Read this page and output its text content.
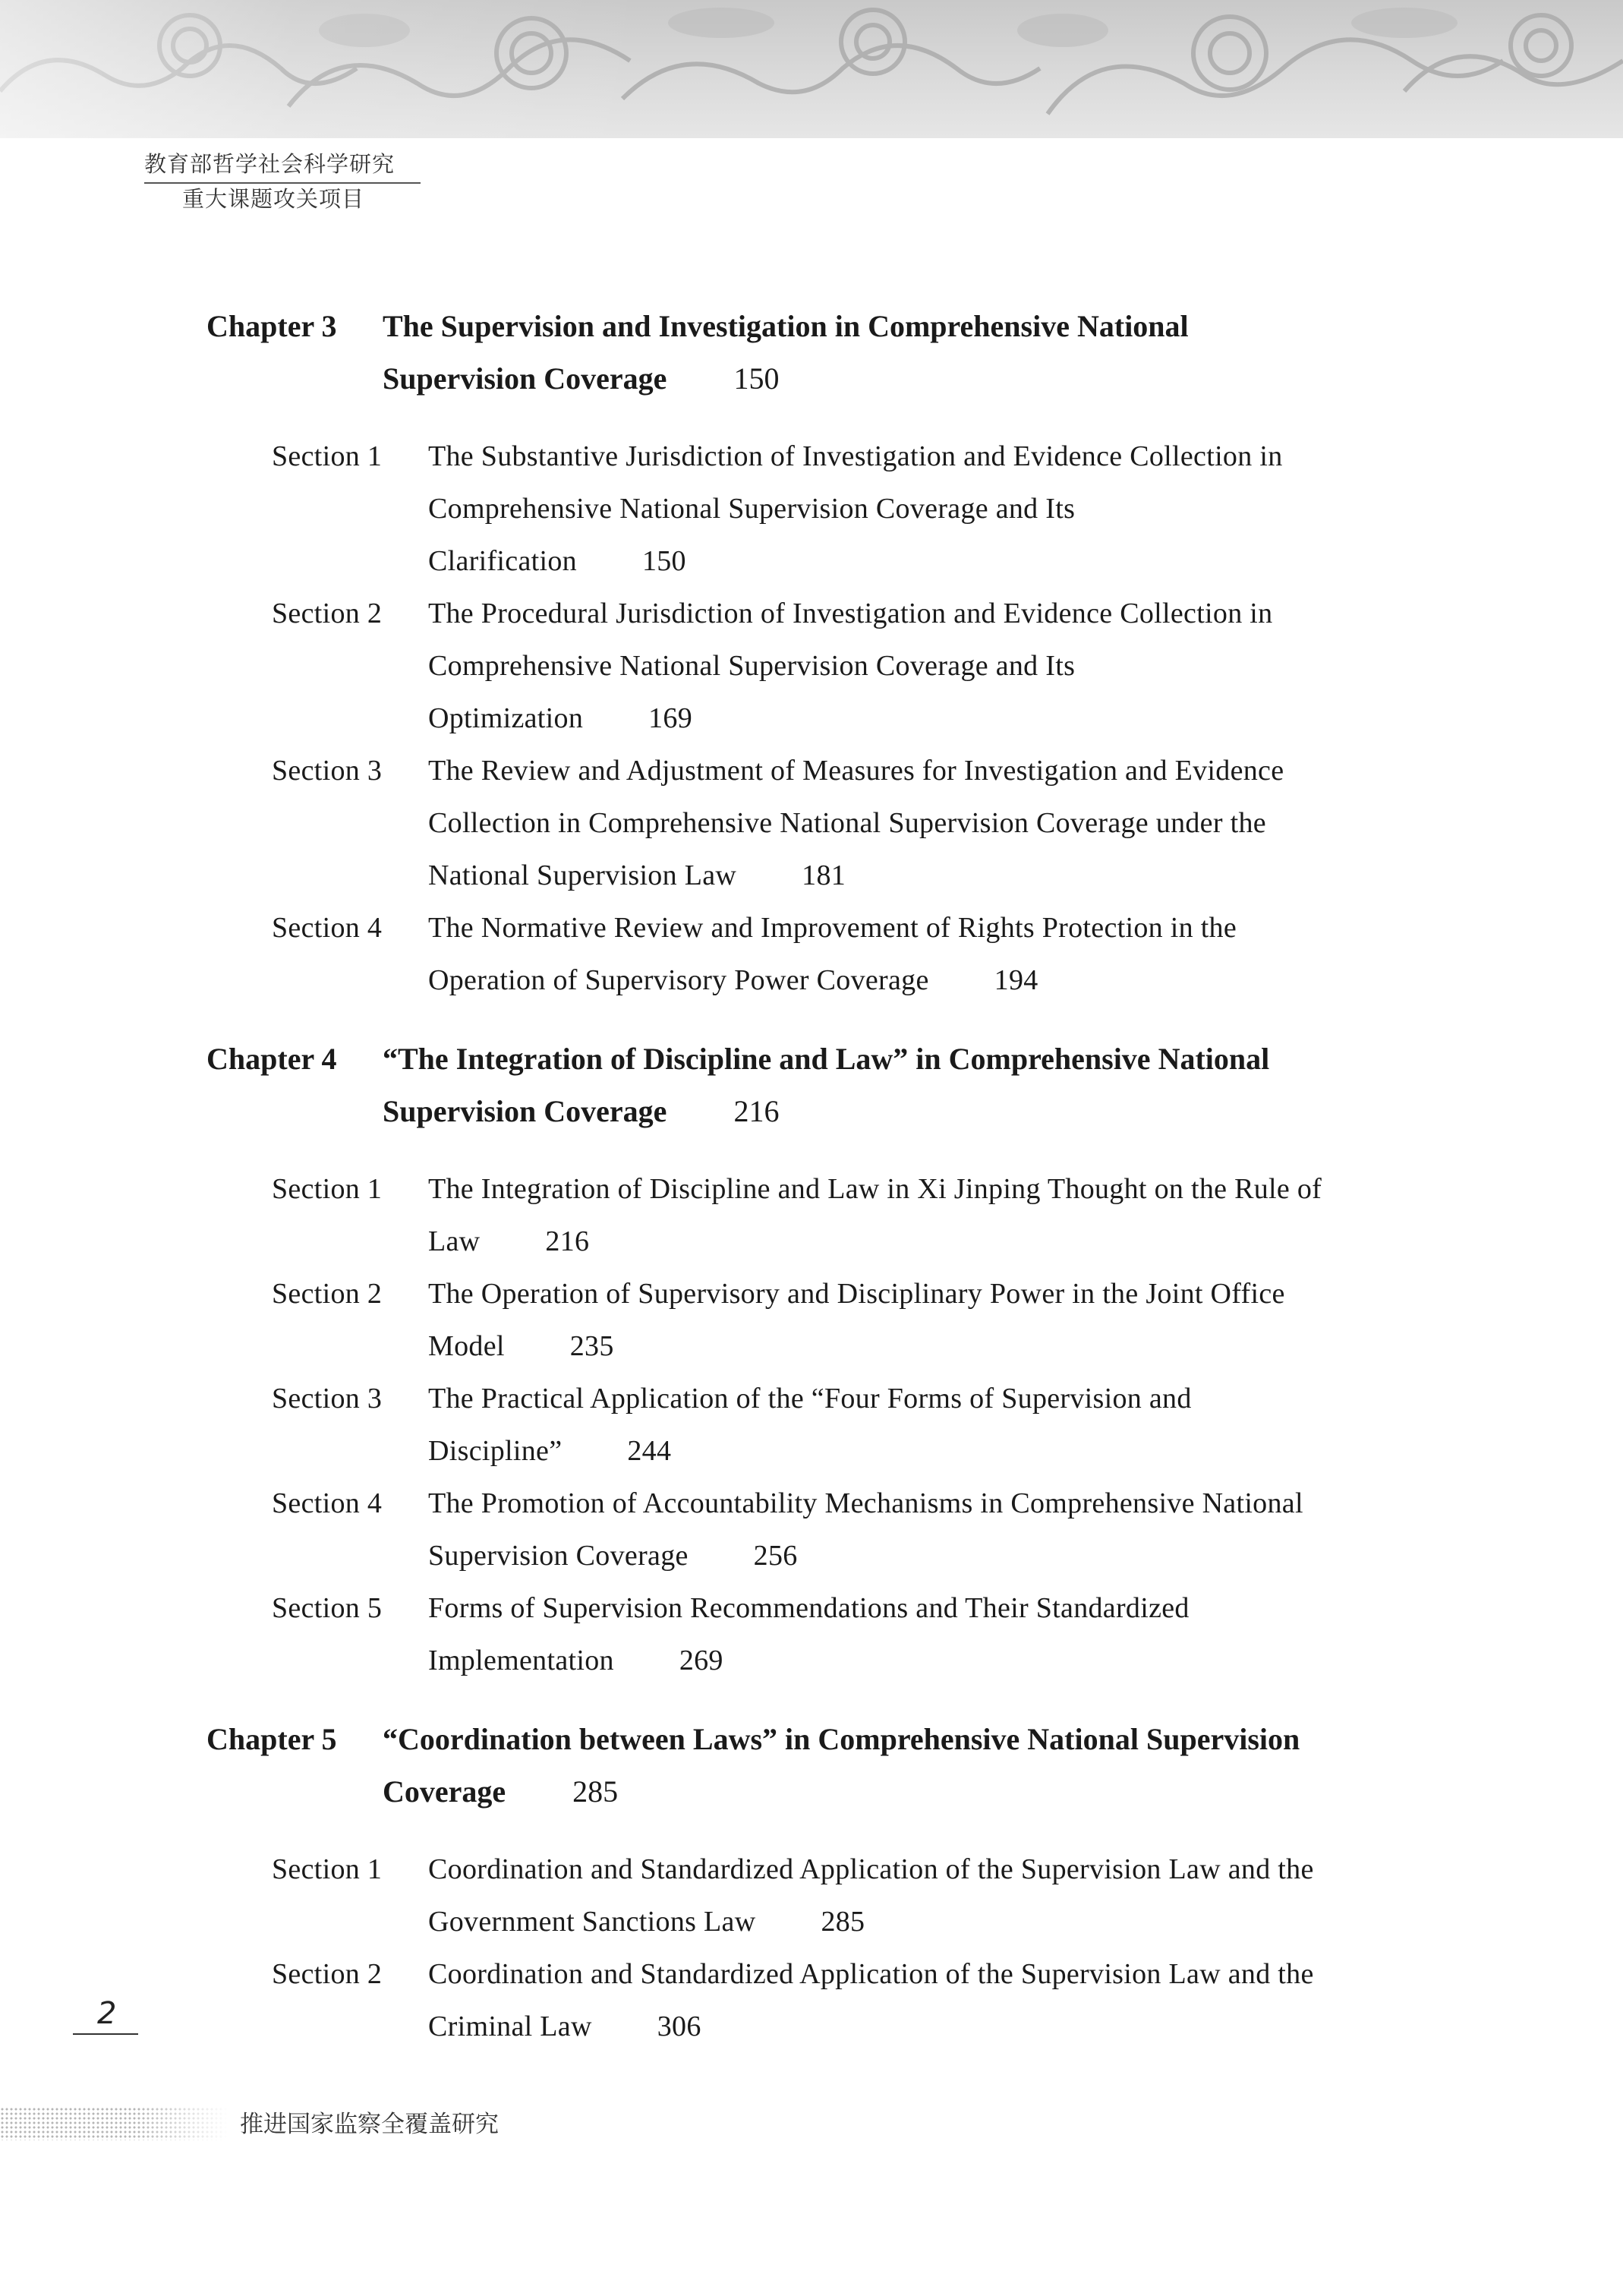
教育部哲学社会科学研究
重大课题攻关项目
Chapter 3	The Supervision and Investigation in Comprehensive National Supervision Coverage 150
Section 1	The Substantive Jurisdiction of Investigation and Evidence Collection in Comprehensive National Supervision Coverage and Its Clarification 150
Section 2	The Procedural Jurisdiction of Investigation and Evidence Collection in Comprehensive National Supervision Coverage and Its Optimization 169
Section 3	The Review and Adjustment of Measures for Investigation and Evidence Collection in Comprehensive National Supervision Coverage under the National Supervision Law 181
Section 4	The Normative Review and Improvement of Rights Protection in the Operation of Supervisory Power Coverage 194
Chapter 4	“The Integration of Discipline and Law” in Comprehensive National Supervision Coverage 216
Section 1	The Integration of Discipline and Law in Xi Jinping Thought on the Rule of Law 216
Section 2	The Operation of Supervisory and Disciplinary Power in the Joint Office Model 235
Section 3	The Practical Application of the “Four Forms of Supervision and Discipline” 244
Section 4	The Promotion of Accountability Mechanisms in Comprehensive National Supervision Coverage 256
Section 5	Forms of Supervision Recommendations and Their Standardized Implementation 269
Chapter 5	“Coordination between Laws” in Comprehensive National Supervision Coverage 285
Section 1	Coordination and Standardized Application of the Supervision Law and the Government Sanctions Law 285
Section 2	Coordination and Standardized Application of the Supervision Law and the Criminal Law 306
2
推进国家监察全覆盖研究
